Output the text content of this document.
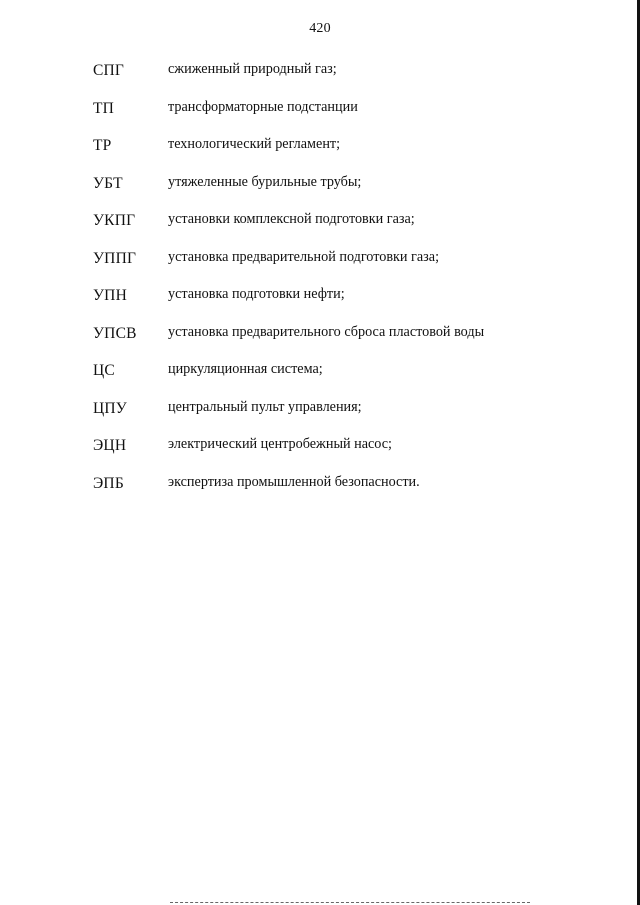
420
СПГ	сжиженный природный газ;
ТП	трансформаторные подстанции
ТР	технологический регламент;
УБТ	утяжеленные бурильные трубы;
УКПГ установки комплексной подготовки газа;
УППГ установка предварительной подготовки газа;
УПН	установка подготовки нефти;
УПСВ установка предварительного сброса пластовой воды
ЦС	циркуляционная система;
ЦПУ	центральный пульт управления;
ЭЦН	электрический центробежный насос;
ЭПБ	экспертиза промышленной безопасности.
